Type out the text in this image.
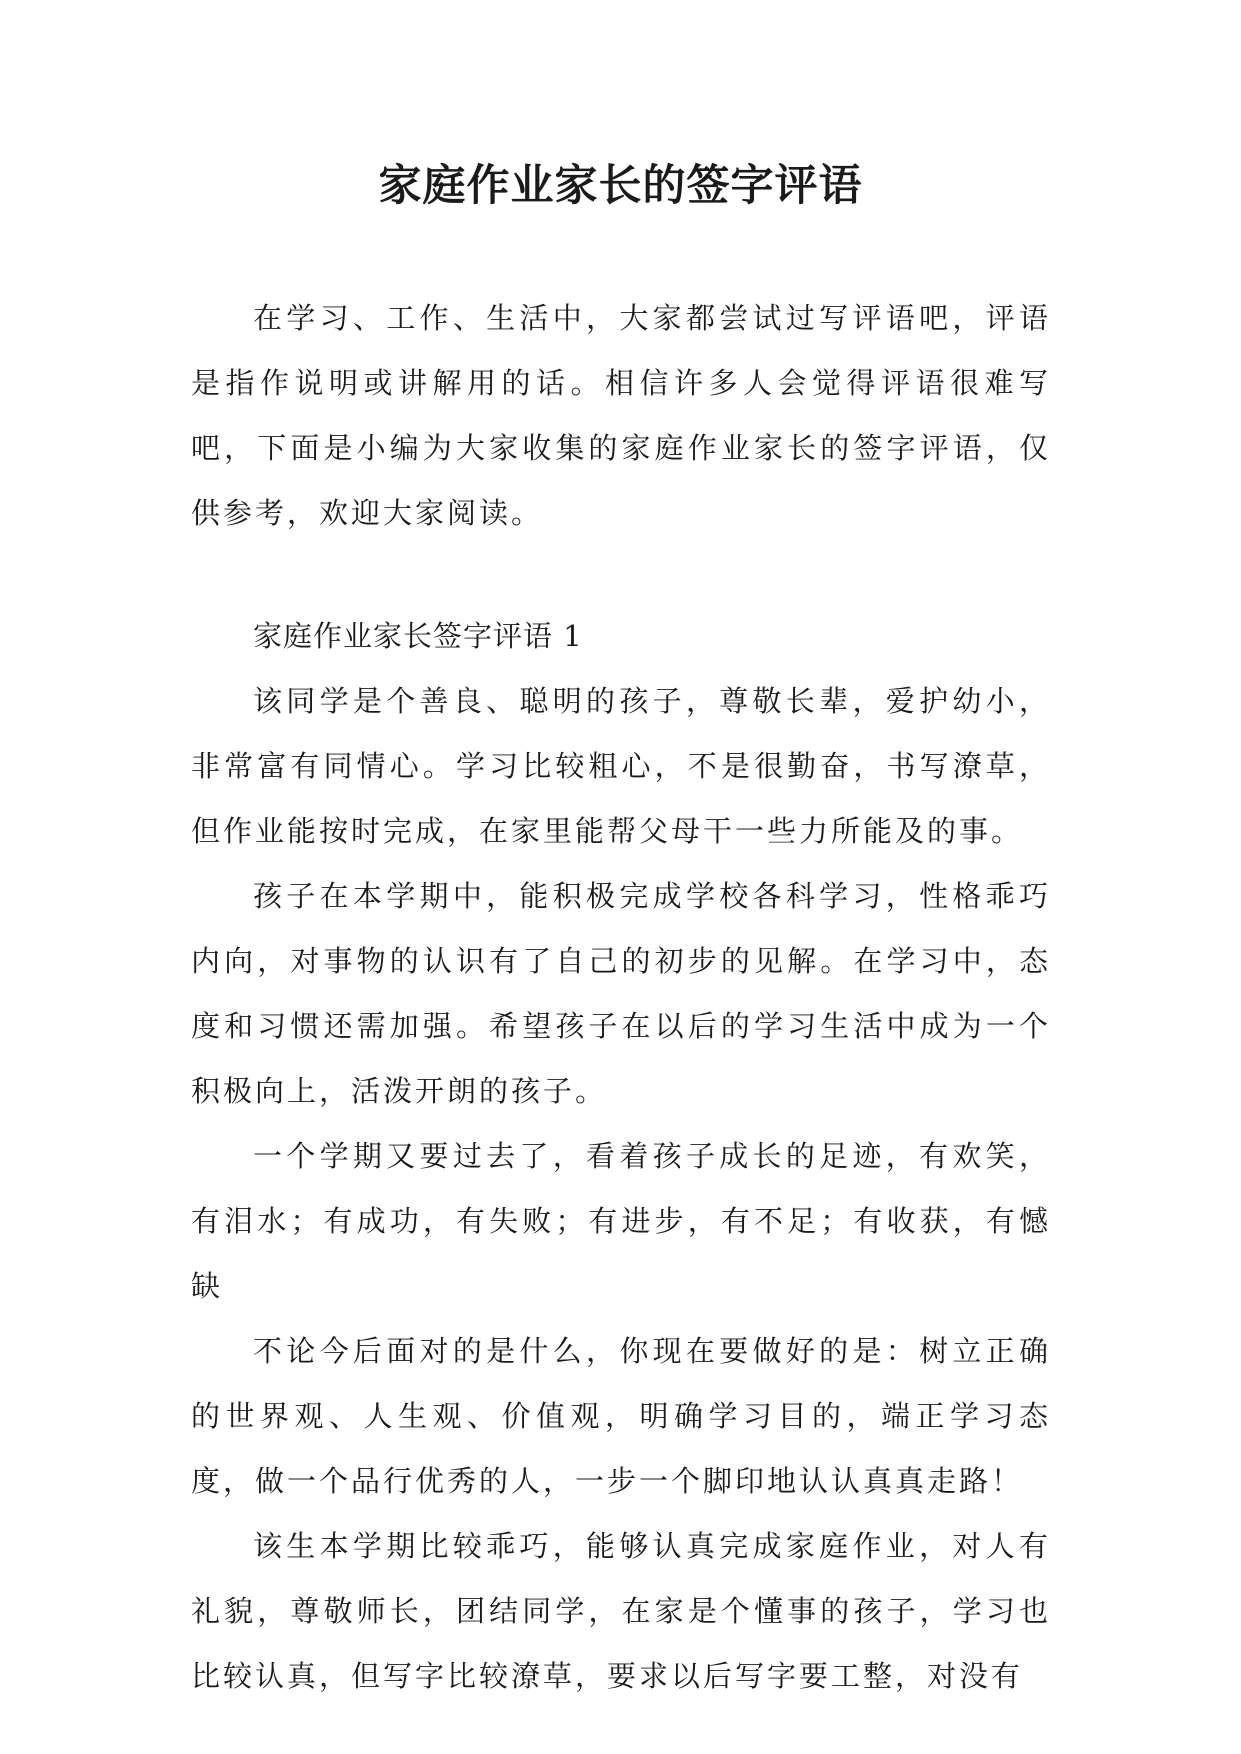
家庭作业家长的签字评语

在学习、工作、生活中，大家都尝试过写评语吧，评语是指作说明或讲解用的话。相信许多人会觉得评语很难写吧，下面是小编为大家收集的家庭作业家长的签字评语，仅供参考，欢迎大家阅读。

家庭作业家长签字评语 1

该同学是个善良、聪明的孩子，尊敬长辈，爱护幼小，非常富有同情心。学习比较粗心，不是很勤奋，书写潦草，但作业能按时完成，在家里能帮父母干一些力所能及的事。

孩子在本学期中，能积极完成学校各科学习，性格乖巧内向，对事物的认识有了自己的初步的见解。在学习中，态度和习惯还需加强。希望孩子在以后的学习生活中成为一个积极向上，活泼开朗的孩子。

一个学期又要过去了，看着孩子成长的足迹，有欢笑，有泪水；有成功，有失败；有进步，有不足；有收获，有憾缺

不论今后面对的是什么，你现在要做好的是：树立正确的世界观、人生观、价值观，明确学习目的，端正学习态度，做一个品行优秀的人，一步一个脚印地认认真真走路！

该生本学期比较乖巧，能够认真完成家庭作业，对人有礼貌，尊敬师长，团结同学，在家是个懂事的孩子，学习也比较认真，但写字比较潦草，要求以后写字要工整，对没有
